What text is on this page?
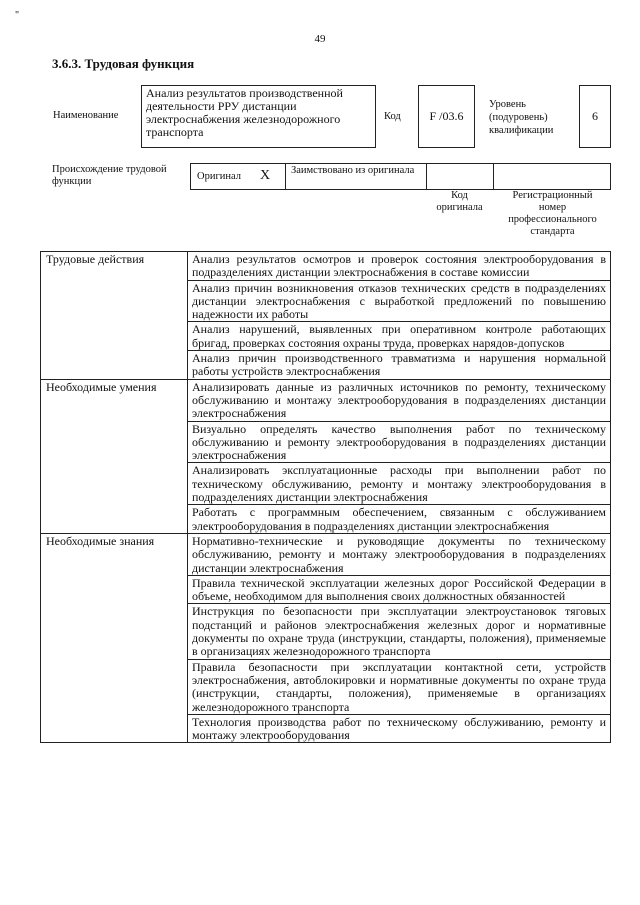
"
49
3.6.3. Трудовая функция
Наименование
Анализ результатов производственной деятельности РРУ дистанции электроснабжения железнодорожного транспорта
Код	F /03.6
Уровень (подуровень) квалификации
6
Происхождение трудовой функции	Оригинал X Заимствовано из оригинала
Код оригинала
Регистрационный номер профессионального стандарта
Трудовые действия	Анализ результатов осмотров и проверок состояния электрооборудования в подразделениях дистанции электроснабжения в составе комиссии
	Анализ причин возникновения отказов технических средств в подразделениях дистанции электроснабжения с выработкой предложений по повышению надежности их работы
	Анализ нарушений, выявленных при оперативном контроле работающих бригад, проверках состояния охраны труда, проверках нарядов-допусков
	Анализ причин производственного травматизма и нарушения нормальной работы устройств электроснабжения
Необходимые умения	Анализировать данные из различных источников по ремонту, техническому обслуживанию и монтажу электрооборудования в подразделениях дистанции электроснабжения
	Визуально определять качество выполнения работ по техническому обслуживанию и ремонту электрооборудования в подразделениях дистанции электроснабжения
	Анализировать эксплуатационные расходы при выполнении работ по техническому обслуживанию, ремонту и монтажу электрооборудования в подразделениях дистанции электроснабжения
	Работать с программным обеспечением, связанным с обслуживанием электрооборудования в подразделениях дистанции электроснабжения
Необходимые знания	Нормативно-технические и руководящие документы по техническому обслуживанию, ремонту и монтажу электрооборудования в подразделениях дистанции электроснабжения
	Правила технической эксплуатации железных дорог Российской Федерации в объеме, необходимом для выполнения своих должностных обязанностей
	Инструкция по безопасности при эксплуатации электроустановок тяговых подстанций и районов электроснабжения железных дорог и нормативные документы по охране труда (инструкции, стандарты, положения), применяемые в организациях железнодорожного транспорта
	Правила безопасности при эксплуатации контактной сети, устройств электроснабжения, автоблокировки и нормативные документы по охране труда (инструкции, стандарты, положения), применяемые в организациях железнодорожного транспорта
	Технология производства работ по техническому обслуживанию, ремонту и монтажу электрооборудования
